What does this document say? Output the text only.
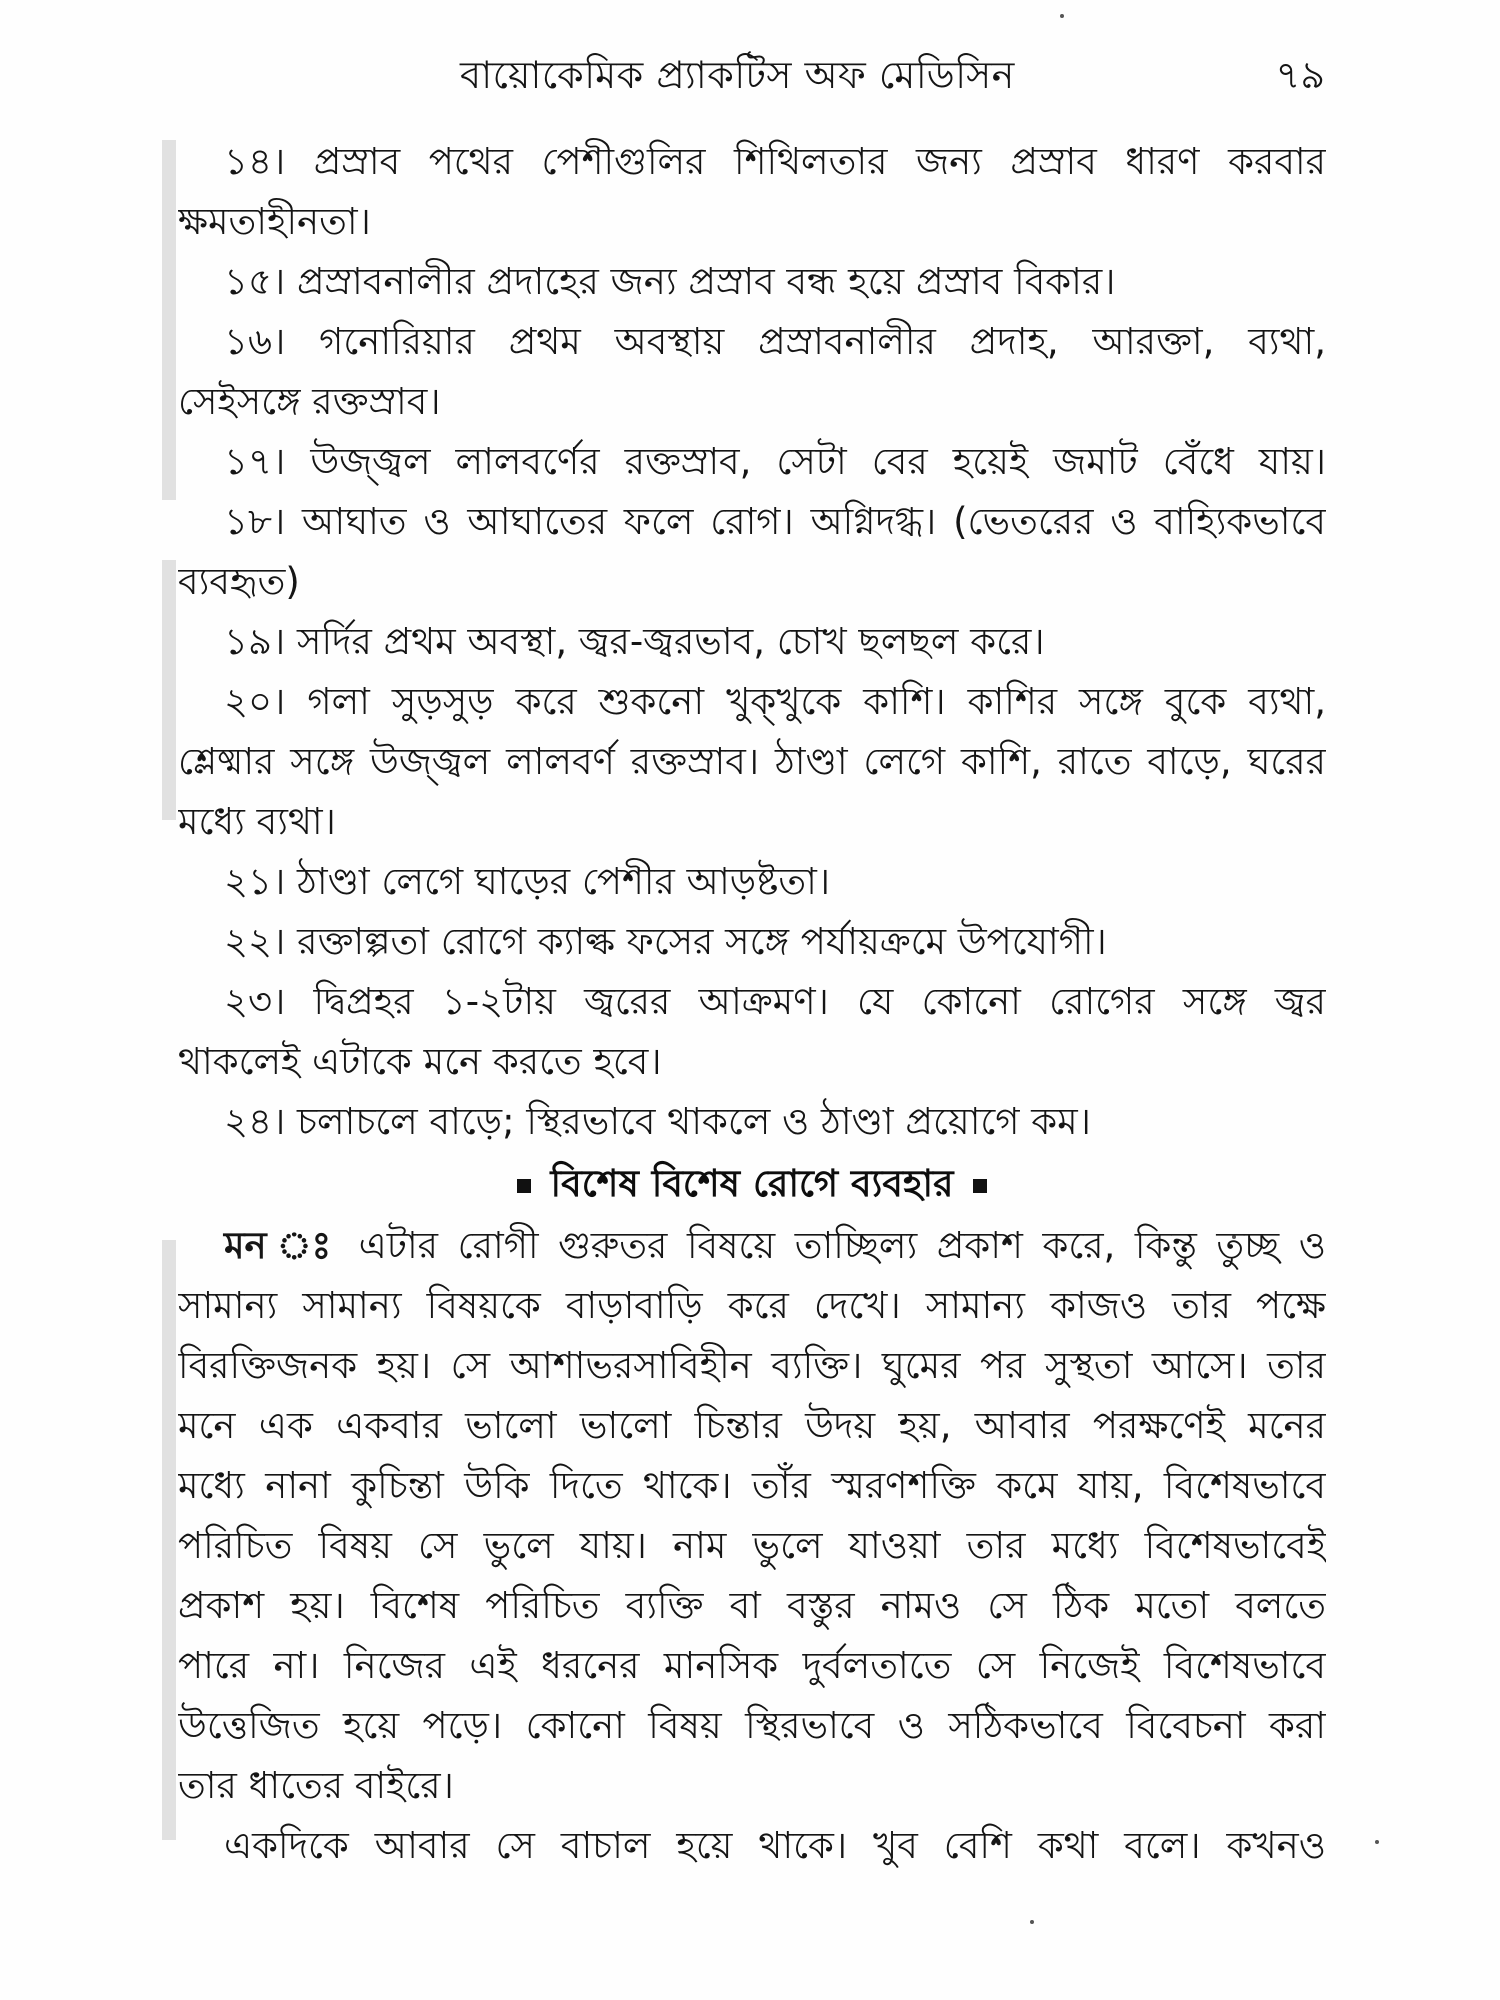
বায়োকেমিক প্র্যাকটিস অফ মেডিসিন	৭৯
১৪। প্রস্রাব পথের পেশীগুলির শিথিলতার জন্য প্রস্রাব ধারণ করবার
ক্ষমতাহীনতা।
১৫। প্রস্রাবনালীর প্রদাহের জন্য প্রস্রাব বন্ধ হয়ে প্রস্রাব বিকার।
১৬। গনোরিয়ার প্রথম অবস্থায় প্রস্রাবনালীর প্রদাহ, আরক্তা, ব্যথা,
সেইসঙ্গে রক্তস্রাব।
১৭। উজ্জ্বল লালবর্ণের রক্তস্রাব, সেটা বের হয়েই জমাট বেঁধে যায়।
১৮। আঘাত ও আঘাতের ফলে রোগ। অগ্নিদগ্ধ। (ভেতরের ও বাহ্যিকভাবে
ব্যবহৃত)
১৯। সর্দির প্রথম অবস্থা, জ্বর-জ্বরভাব, চোখ ছলছল করে।
২০। গলা সুড়সুড় করে শুকনো খুক্‌খুকে কাশি। কাশির সঙ্গে বুকে ব্যথা,
শ্লেষ্মার সঙ্গে উজ্জ্বল লালবর্ণ রক্তস্রাব। ঠাণ্ডা লেগে কাশি, রাতে বাড়ে, ঘরের
মধ্যে ব্যথা।
২১। ঠাণ্ডা লেগে ঘাড়ের পেশীর আড়ষ্টতা।
২২। রক্তাল্পতা রোগে ক্যাল্ক ফসের সঙ্গে পর্যায়ক্রমে উপযোগী।
২৩। দ্বিপ্রহর ১-২টায় জ্বরের আক্রমণ। যে কোনো রোগের সঙ্গে জ্বর
থাকলেই এটাকে মনে করতে হবে।
২৪। চলাচলে বাড়ে; স্থিরভাবে থাকলে ও ঠাণ্ডা প্রয়োগে কম।
বিশেষ বিশেষ রোগে ব্যবহার
মন ঃ এটার রোগী গুরুতর বিষয়ে তাচ্ছিল্য প্রকাশ করে, কিন্তু তুচ্ছ ও
সামান্য সামান্য বিষয়কে বাড়াবাড়ি করে দেখে। সামান্য কাজও তার পক্ষে
বিরক্তিজনক হয়। সে আশাভরসাবিহীন ব্যক্তি। ঘুমের পর সুস্থতা আসে। তার
মনে এক একবার ভালো ভালো চিন্তার উদয় হয়, আবার পরক্ষণেই মনের
মধ্যে নানা কুচিন্তা উকি দিতে থাকে। তাঁর স্মরণশক্তি কমে যায়, বিশেষভাবে
পরিচিত বিষয় সে ভুলে যায়। নাম ভুলে যাওয়া তার মধ্যে বিশেষভাবেই
প্রকাশ হয়। বিশেষ পরিচিত ব্যক্তি বা বস্তুর নামও সে ঠিক মতো বলতে
পারে না। নিজের এই ধরনের মানসিক দুর্বলতাতে সে নিজেই বিশেষভাবে
উত্তেজিত হয়ে পড়ে। কোনো বিষয় স্থিরভাবে ও সঠিকভাবে বিবেচনা করা
তার ধাতের বাইরে।
একদিকে আবার সে বাচাল হয়ে থাকে। খুব বেশি কথা বলে। কখনও
